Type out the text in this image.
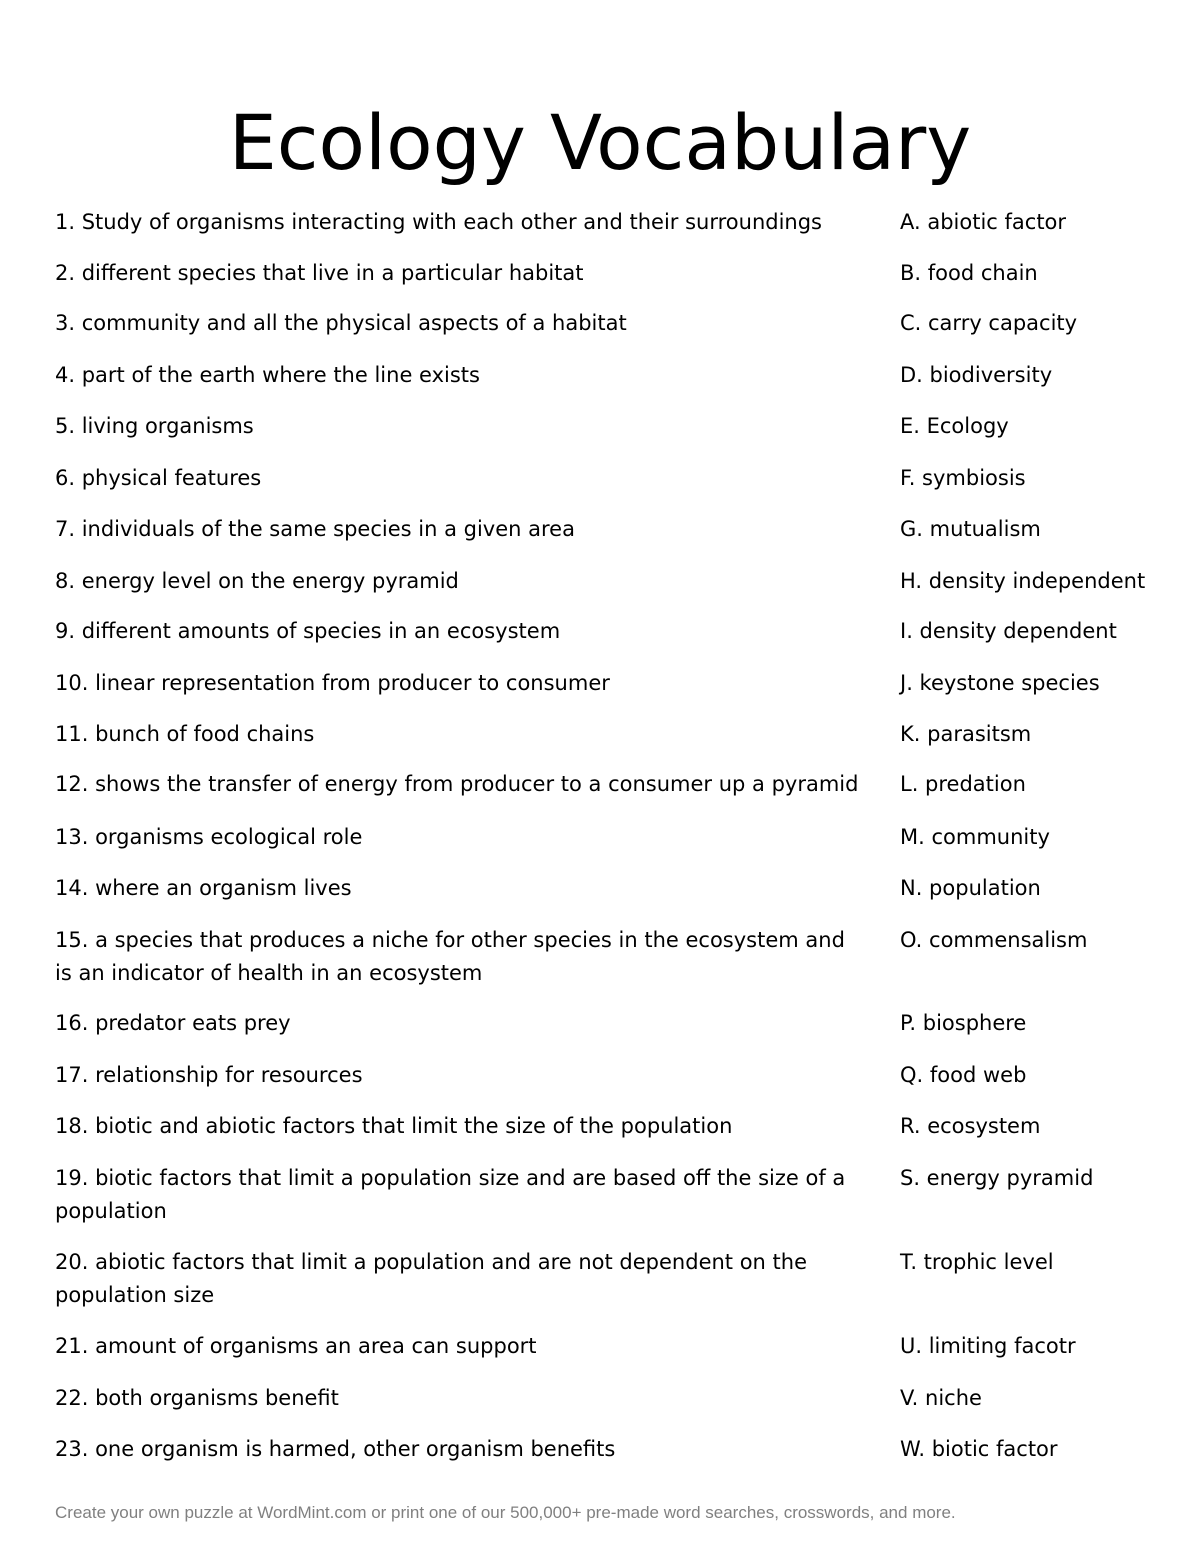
Ecology Vocabulary
1. Study of organisms interacting with each other and their surroundings	A. abiotic factor
2. different species that live in a particular habitat	B. food chain
3. community and all the physical aspects of a habitat	C. carry capacity
4. part of the earth where the line exists	D. biodiversity
5. living organisms	E. Ecology
6. physical features	F. symbiosis
7. individuals of the same species in a given area	G. mutualism
8. energy level on the energy pyramid	H. density independent
9. different amounts of species in an ecosystem	I. density dependent
10. linear representation from producer to consumer	J. keystone species
11. bunch of food chains	K. parasitsm
12. shows the transfer of energy from producer to a consumer up a pyramid	L. predation
13. organisms ecological role	M. community
14. where an organism lives	N. population
15. a species that produces a niche for other species in the ecosystem and is an indicator of health in an ecosystem
O. commensalism
16. predator eats prey	P. biosphere
17. relationship for resources	Q. food web
18. biotic and abiotic factors that limit the size of the population	R. ecosystem
19. biotic factors that limit a population size and are based off the size of a population
S. energy pyramid
20. abiotic factors that limit a population and are not dependent on the population size
T. trophic level
21. amount of organisms an area can support	U. limiting facotr
22. both organisms benefit	V. niche
23. one organism is harmed, other organism benefits	W. biotic factor
Create your own puzzle at WordMint.com or print one of our 500,000+ pre-made word searches, crosswords, and more.
